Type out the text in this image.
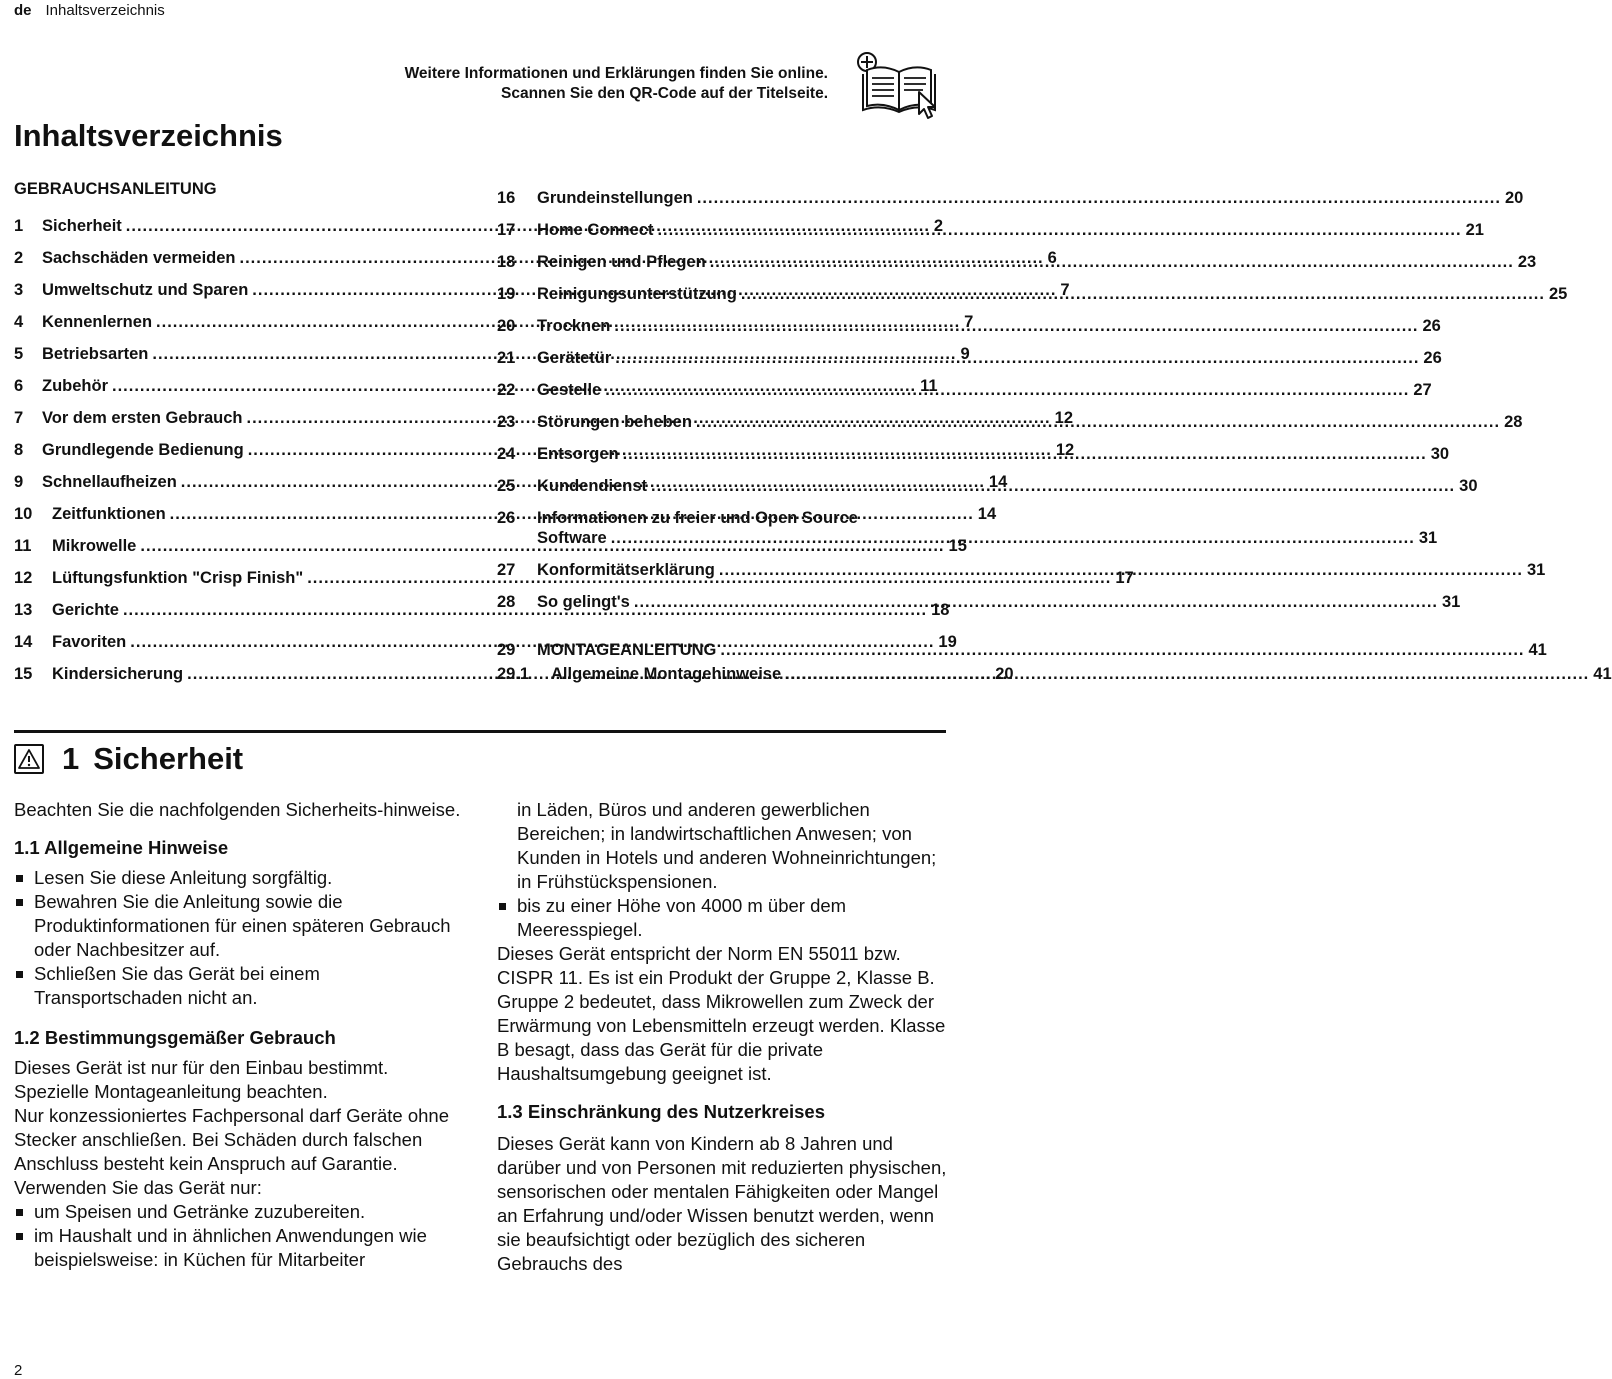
de Inhaltsverzeichnis
Weitere Informationen und Erklärungen finden Sie online.
Scannen Sie den QR-Code auf der Titelseite.
Inhaltsverzeichnis
GEBRAUCHSANLEITUNG
1	Sicherheit .....	2
2	Sachschäden vermeiden .....	6
3	Umweltschutz und Sparen .....	7
4	Kennenlernen .....	7
5	Betriebsarten .....	9
6	Zubehör .....	11
7	Vor dem ersten Gebrauch .....	12
8	Grundlegende Bedienung .....	12
9	Schnellaufheizen .....	14
10	Zeitfunktionen .....	14
11	Mikrowelle .....	15
12	Lüftungsfunktion "Crisp Finish" .....	17
13	Gerichte .....	18
14	Favoriten .....	19
15	Kindersicherung .....	20
16	Grundeinstellungen .....	20
17	Home Connect .....	21
18	Reinigen und Pflegen .....	23
19	Reinigungsunterstützung .....	25
20	Trocknen .....	26
21	Gerätetür .....	26
22	Gestelle .....	27
23	Störungen beheben .....	28
24	Entsorgen .....	30
25	Kundendienst .....	30
26	Informationen zu freier und Open Source
Software .....	31
27	Konformitätserklärung .....	31
28	So gelingt's .....	31
29	MONTAGEANLEITUNG .....	41
29.1	Allgemeine Montagehinweise .....	41
1 Sicherheit

Beachten Sie die nachfolgenden Sicherheits-hinweise.

1.1 Allgemeine Hinweise
Lesen Sie diese Anleitung sorgfältig.
Bewahren Sie die Anleitung sowie die Produktinformationen für einen späteren Gebrauch oder Nachbesitzer auf.
Schließen Sie das Gerät bei einem Transportschaden nicht an.
1.2 Bestimmungsgemäßer Gebrauch

Dieses Gerät ist nur für den Einbau bestimmt. Spezielle Montageanleitung beachten.

Nur konzessioniertes Fachpersonal darf Geräte ohne Stecker anschließen. Bei Schäden durch falschen Anschluss besteht kein Anspruch auf Garantie.

Verwenden Sie das Gerät nur:

um Speisen und Getränke zuzubereiten.
im Haushalt und in ähnlichen Anwendungen wie beispielsweise: in Küchen für Mitarbeiter

in Läden, Büros und anderen gewerblichen Bereichen; in landwirtschaftlichen Anwesen; von Kunden in Hotels und anderen Wohneinrichtungen; in Frühstückspensionen.

bis zu einer Höhe von 4000 m über dem Meeresspiegel.

Dieses Gerät entspricht der Norm EN 55011 bzw. CISPR 11. Es ist ein Produkt der Gruppe 2, Klasse B. Gruppe 2 bedeutet, dass Mikrowellen zum Zweck der Erwärmung von Lebensmitteln erzeugt werden. Klasse B besagt, dass das Gerät für die private Haushaltsumgebung geeignet ist.

1.3 Einschränkung des Nutzerkreises

Dieses Gerät kann von Kindern ab 8 Jahren und darüber und von Personen mit reduzierten physischen, sensorischen oder mentalen Fähigkeiten oder Mangel an Erfahrung und/oder Wissen benutzt werden, wenn sie beaufsichtigt oder bezüglich des sicheren Gebrauchs des

2
